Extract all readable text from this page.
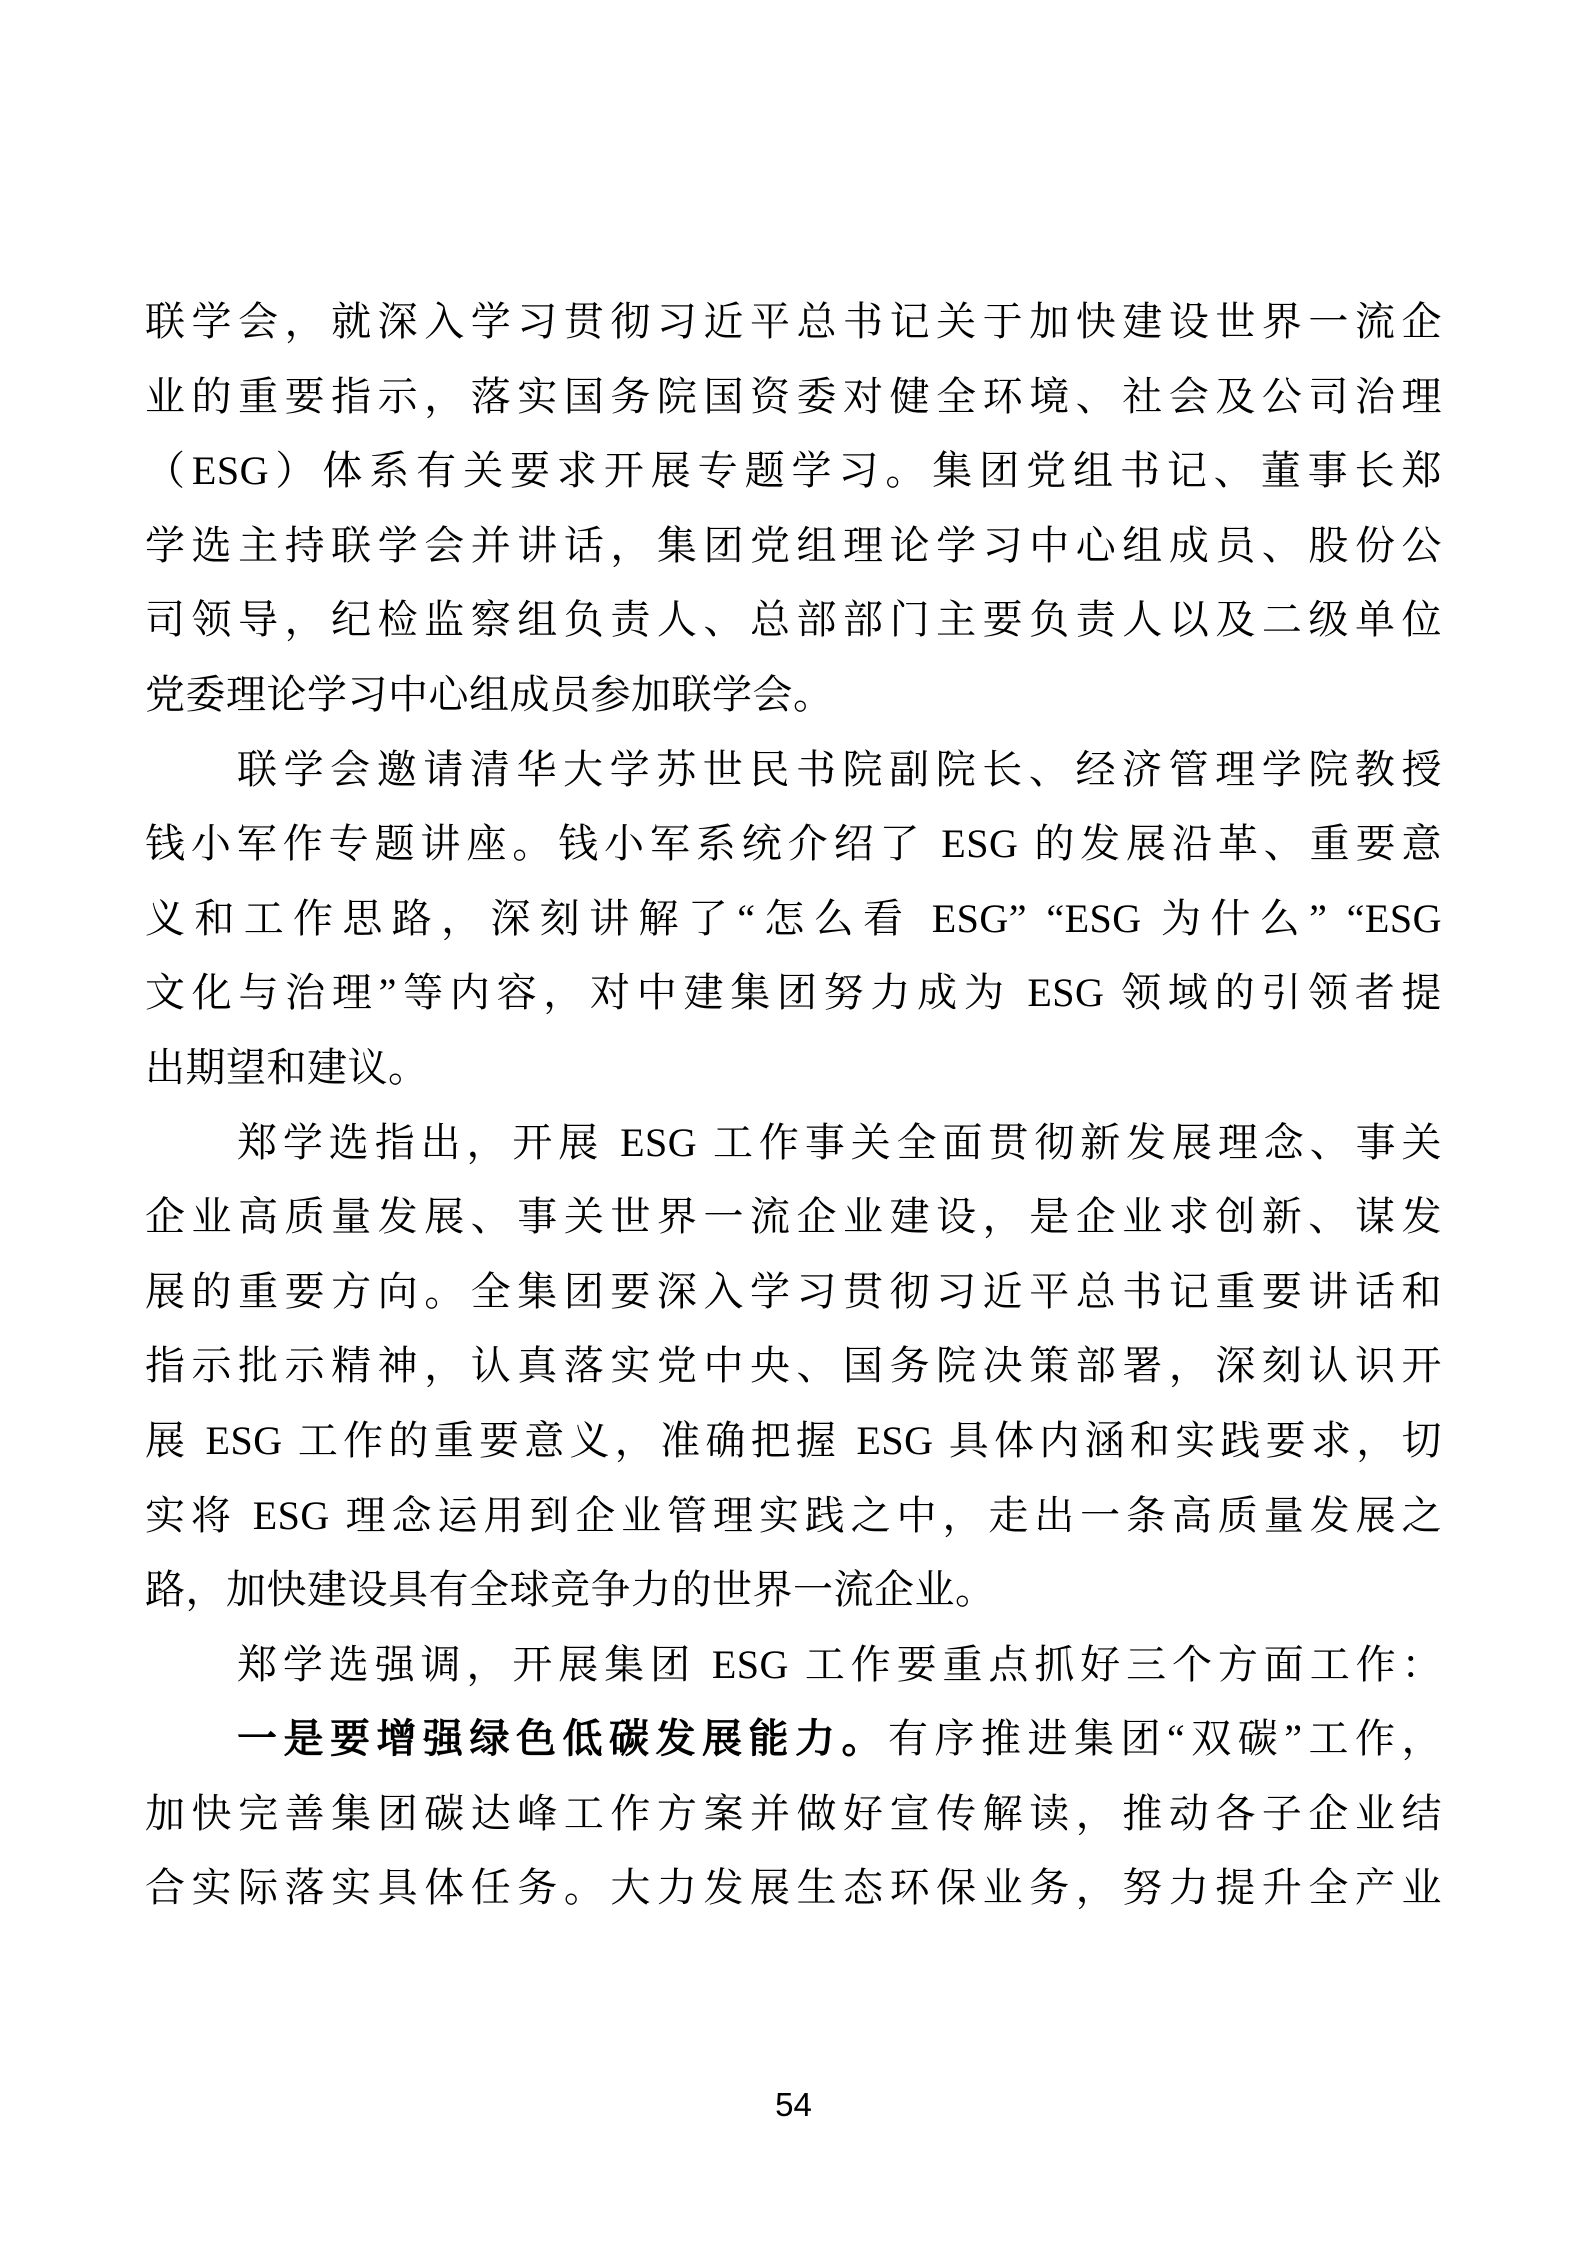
联学会，就深入学习贯彻习近平总书记关于加快建设世界一流企
业的重要指示，落实国务院国资委对健全环境、社会及公司治理
（ESG）体系有关要求开展专题学习。集团党组书记、董事长郑
学选主持联学会并讲话，集团党组理论学习中心组成员、股份公
司领导，纪检监察组负责人、总部部门主要负责人以及二级单位
党委理论学习中心组成员参加联学会。
联学会邀请清华大学苏世民书院副院长、经济管理学院教授
钱小军作专题讲座。钱小军系统介绍了 ESG 的发展沿革、重要意
义和工作思路，深刻讲解了“怎么看 ESG” “ESG 为什么” “ESG
文化与治理”等内容，对中建集团努力成为 ESG 领域的引领者提
出期望和建议。
郑学选指出，开展 ESG 工作事关全面贯彻新发展理念、事关
企业高质量发展、事关世界一流企业建设，是企业求创新、谋发
展的重要方向。全集团要深入学习贯彻习近平总书记重要讲话和
指示批示精神，认真落实党中央、国务院决策部署，深刻认识开
展 ESG 工作的重要意义，准确把握 ESG 具体内涵和实践要求，切
实将 ESG 理念运用到企业管理实践之中，走出一条高质量发展之
路，加快建设具有全球竞争力的世界一流企业。
郑学选强调，开展集团 ESG 工作要重点抓好三个方面工作：
一是要增强绿色低碳发展能力。有序推进集团“双碳”工作，
加快完善集团碳达峰工作方案并做好宣传解读，推动各子企业结
合实际落实具体任务。大力发展生态环保业务，努力提升全产业
54
